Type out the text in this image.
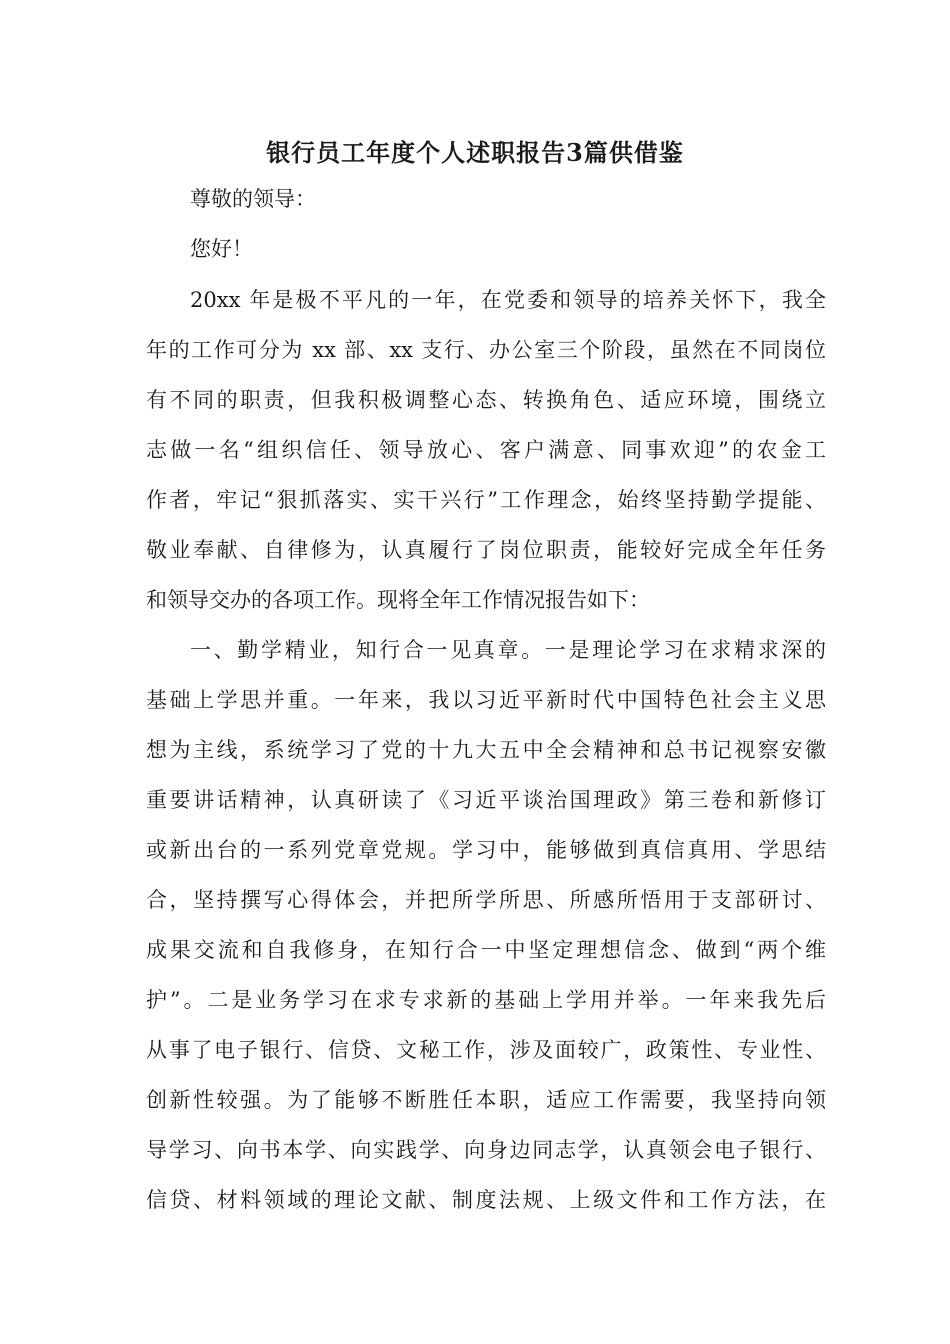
银行员工年度个人述职报告3篇供借鉴
尊敬的领导：
您好！
20xx 年是极不平凡的一年，在党委和领导的培养关怀下，我全
年的工作可分为 xx 部、xx 支行、办公室三个阶段，虽然在不同岗位
有不同的职责，但我积极调整心态、转换角色、适应环境，围绕立
志做一名“组织信任、领导放心、客户满意、同事欢迎”的农金工
作者，牢记“狠抓落实、实干兴行”工作理念，始终坚持勤学提能、
敬业奉献、自律修为，认真履行了岗位职责，能较好完成全年任务
和领导交办的各项工作。现将全年工作情况报告如下：
一、勤学精业，知行合一见真章。一是理论学习在求精求深的
基础上学思并重。一年来，我以习近平新时代中国特色社会主义思
想为主线，系统学习了党的十九大五中全会精神和总书记视察安徽
重要讲话精神，认真研读了《习近平谈治国理政》第三卷和新修订
或新出台的一系列党章党规。学习中，能够做到真信真用、学思结
合，坚持撰写心得体会，并把所学所思、所感所悟用于支部研讨、
成果交流和自我修身，在知行合一中坚定理想信念、做到“两个维
护”。二是业务学习在求专求新的基础上学用并举。一年来我先后
从事了电子银行、信贷、文秘工作，涉及面较广，政策性、专业性、
创新性较强。为了能够不断胜任本职，适应工作需要，我坚持向领
导学习、向书本学、向实践学、向身边同志学，认真领会电子银行、
信贷、材料领域的理论文献、制度法规、上级文件和工作方法，在
